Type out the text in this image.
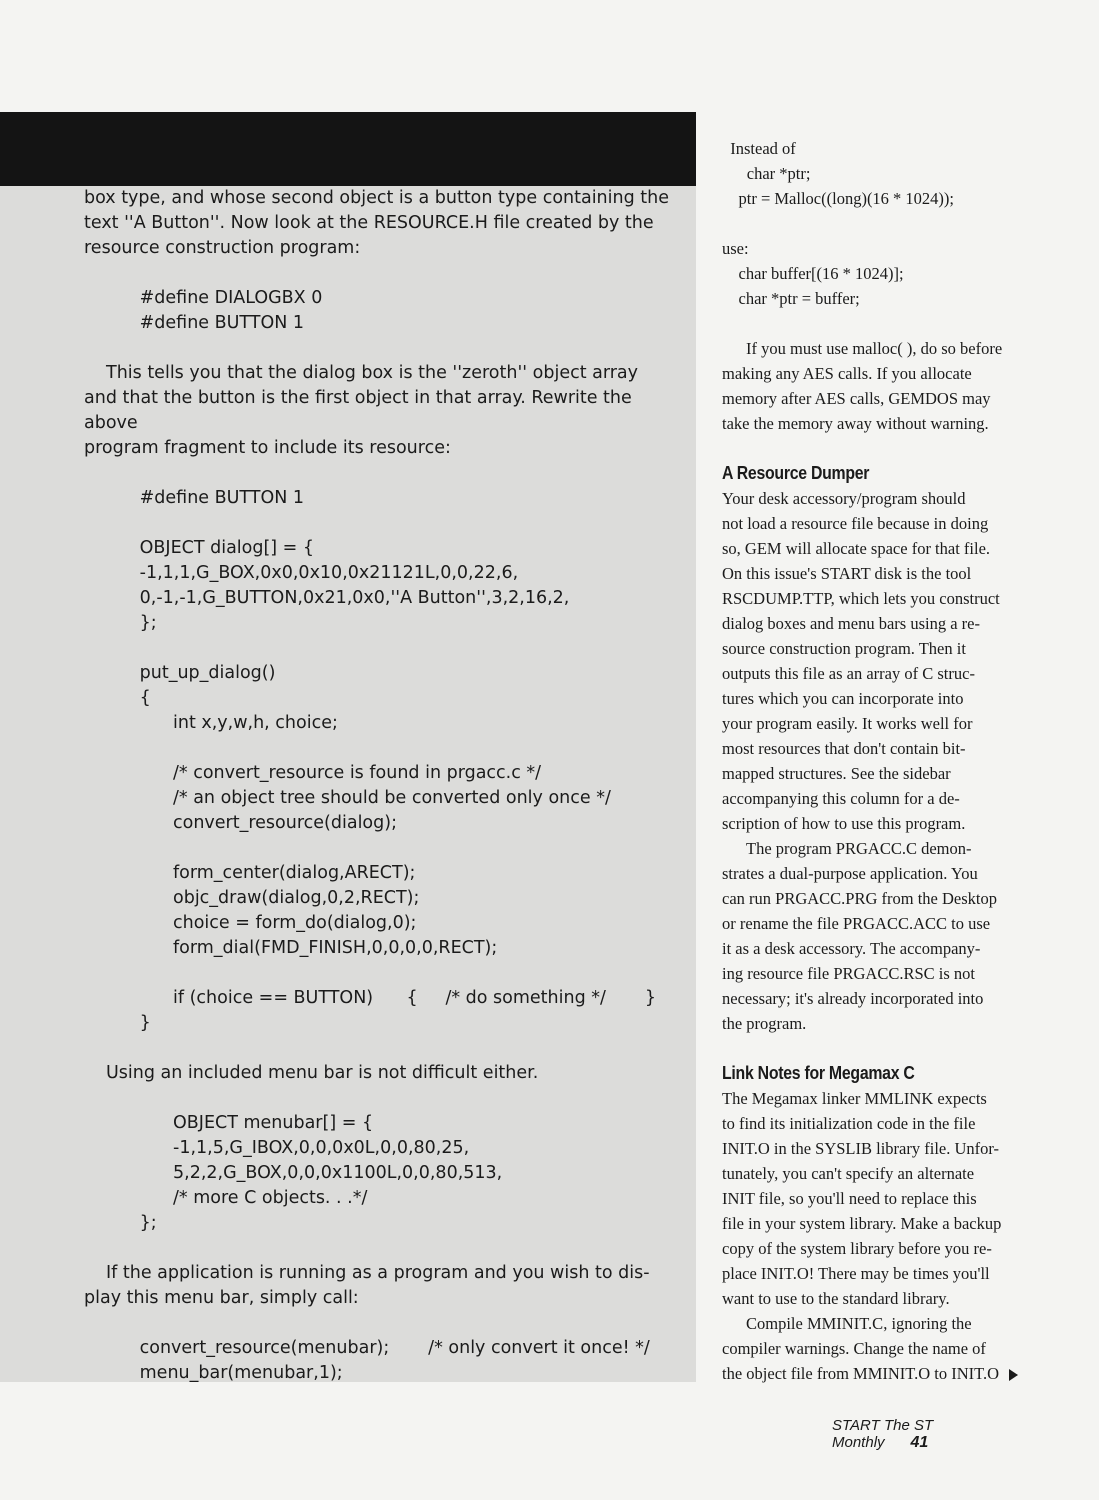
box type, and whose second object is a button type containing the

text ''A Button''. Now look at the RESOURCE.H file created by the

resource construction program:

#define DIALOGBX 0

#define BUTTON 1

This tells you that the dialog box is the ''zeroth'' object array

and that the button is the first object in that array. Rewrite the above

program fragment to include its resource:

#define BUTTON 1

OBJECT dialog[] = {

-1,1,1,G_BOX,0x0,0x10,0x21121L,0,0,22,6,

0,-1,-1,G_BUTTON,0x21,0x0,''A Button'',3,2,16,2,

};

put_up_dialog()

{

int x,y,w,h, choice;

/* convert_resource is found in prgacc.c */

/* an object tree should be converted only once */

convert_resource(dialog);

form_center(dialog,ARECT);

objc_draw(dialog,0,2,RECT);

choice = form_do(dialog,0);

form_dial(FMD_FINISH,0,0,0,0,RECT);

if (choice == BUTTON)      {     /* do something */       }

}

Using an included menu bar is not difficult either.

OBJECT menubar[] = {

-1,1,5,G_IBOX,0,0,0x0L,0,0,80,25,

5,2,2,G_BOX,0,0,0x1100L,0,0,80,513,

/* more C objects. . .*/

};

If the application is running as a program and you wish to dis-

play this menu bar, simply call:

convert_resource(menubar);       /* only convert it once! */

menu_bar(menubar,1);

Instead of

char *ptr;

ptr = Malloc((long)(16 * 1024));

use:

char buffer[(16 * 1024)];

char *ptr = buffer;

If you must use malloc( ), do so before

making any AES calls. If you allocate

memory after AES calls, GEMDOS may

take the memory away without warning.

A Resource Dumper

Your desk accessory/program should

not load a resource file because in doing

so, GEM will allocate space for that file.

On this issue's START disk is the tool

RSCDUMP.TTP, which lets you construct

dialog boxes and menu bars using a re-

source construction program. Then it

outputs this file as an array of C struc-

tures which you can incorporate into

your program easily. It works well for

most resources that don't contain bit-

mapped structures. See the sidebar

accompanying this column for a de-

scription of how to use this program.

The program PRGACC.C demon-

strates a dual-purpose application. You

can run PRGACC.PRG from the Desktop

or rename the file PRGACC.ACC to use

it as a desk accessory. The accompany-

ing resource file PRGACC.RSC is not

necessary; it's already incorporated into

the program.

Link Notes for Megamax C

The Megamax linker MMLINK expects

to find its initialization code in the file

INIT.O in the SYSLIB library file. Unfor-

tunately, you can't specify an alternate

INIT file, so you'll need to replace this

file in your system library. Make a backup

copy of the system library before you re-

place INIT.O! There may be times you'll

want to use to the standard library.

Compile MMINIT.C, ignoring the

compiler warnings. Change the name of

the object file from MMINIT.O to INIT.O

START The ST Monthly 41
